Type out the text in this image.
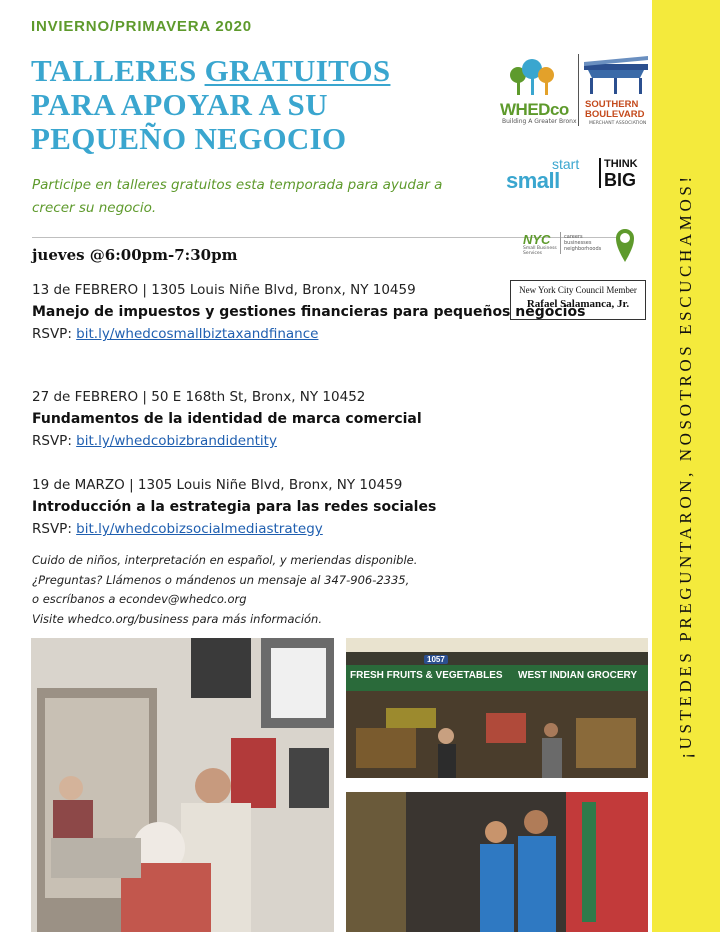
INVIERNO/PRIMAVERA 2020
TALLERES GRATUITOS
PARA APOYAR A SU
PEQUEÑO NEGOCIO
Participe en talleres gratuitos esta temporada para ayudar a crecer su negocio.
jueves @6:00pm-7:30pm
13 de FEBRERO | 1305 Louis Niñe Blvd, Bronx, NY 10459
Manejo de impuestos y gestiones financieras para pequeños negocios
RSVP: bit.ly/whedcosmallbiztaxandfinance
27 de FEBRERO | 50 E 168th St, Bronx, NY 10452
Fundamentos de la identidad de marca comercial
RSVP: bit.ly/whedcobizbrandidentity
19 de MARZO | 1305 Louis Niñe Blvd, Bronx, NY 10459
Introducción a la estrategia para las redes sociales
RSVP: bit.ly/whedcobizsocialmediastrategy
Cuido de niños, interpretación en español, y meriendas disponible.
¿Preguntas? Llámenos o mándenos un mensaje al 347-906-2335,
o escríbanos a econdev@whedco.org
Visite whedco.org/business para más información.	¡USTEDES PREGUNTARON, NOSOTROS ESCUCHAMOS!
WHEDco
Building A Greater Bronx
SOUTHERN BOULEVARD
MERCHANT ASSOCIATION
start
small
THINK
BIG
NYC
Small Business Services
careers businesses neighborhoods
New York City Council Member
Rafael Salamanca, Jr.
1057
FRESH FRUITS & VEGETABLES WEST INDIAN GROCERY
